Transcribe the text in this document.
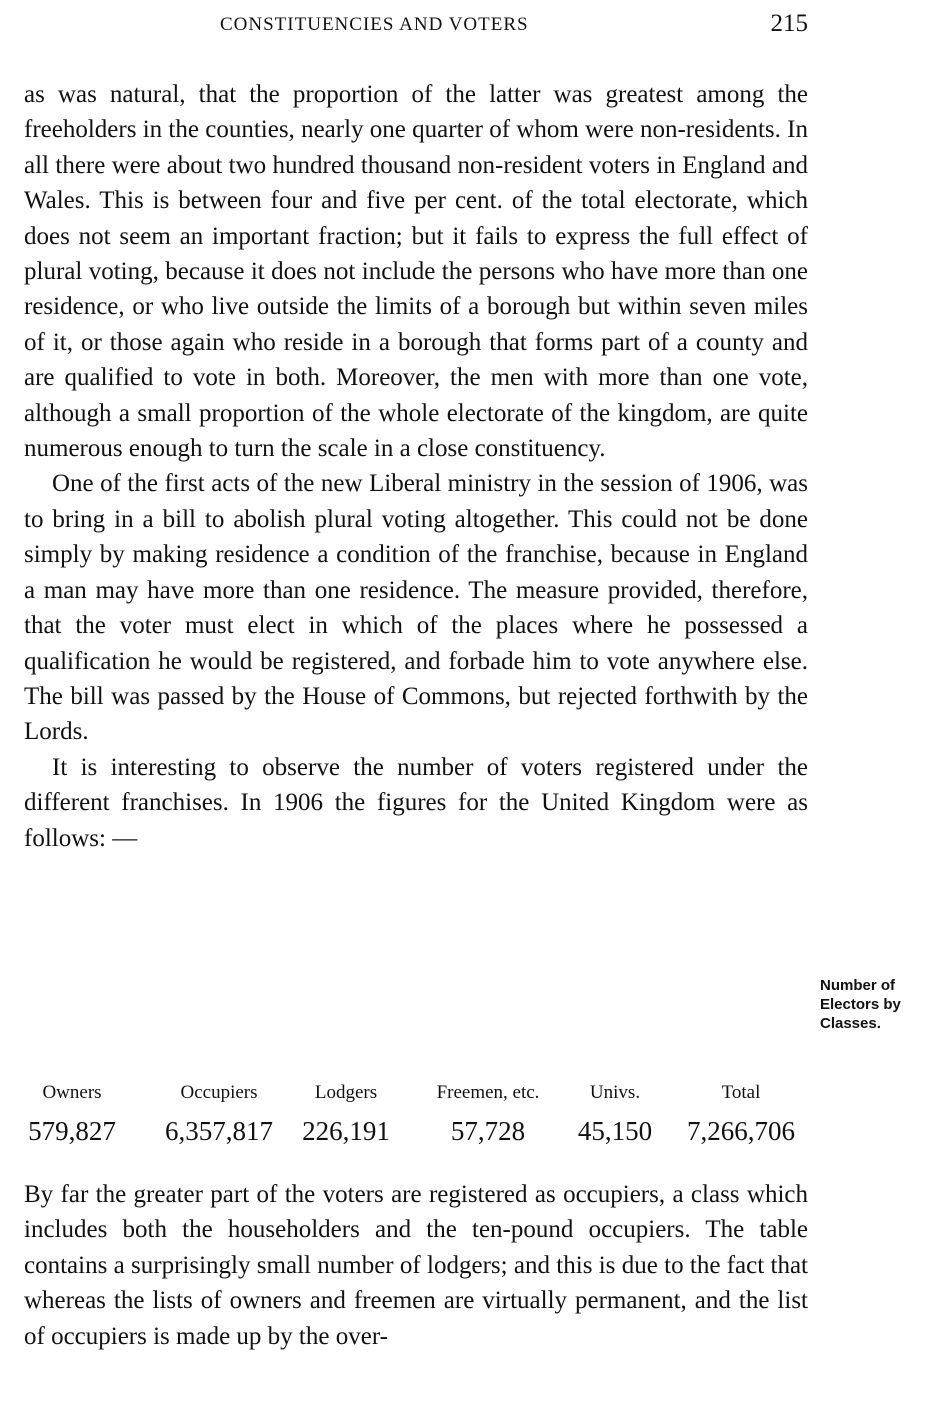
CONSTITUENCIES AND VOTERS	215

as was natural, that the proportion of the latter was greatest among the freeholders in the counties, nearly one quarter of whom were non-residents. In all there were about two hundred thousand non-resident voters in England and Wales. This is between four and five per cent. of the total electorate, which does not seem an important fraction; but it fails to express the full effect of plural voting, because it does not include the persons who have more than one residence, or who live outside the limits of a borough but within seven miles of it, or those again who reside in a borough that forms part of a county and are qualified to vote in both. Moreover, the men with more than one vote, although a small proportion of the whole electorate of the kingdom, are quite numerous enough to turn the scale in a close constituency.

One of the first acts of the new Liberal ministry in the session of 1906, was to bring in a bill to abolish plural voting altogether. This could not be done simply by making residence a condition of the franchise, because in England a man may have more than one residence. The measure provided, therefore, that the voter must elect in which of the places where he possessed a qualification he would be registered, and forbade him to vote anywhere else. The bill was passed by the House of Commons, but rejected forthwith by the Lords.

It is interesting to observe the number of voters registered under the different franchises. In 1906 the figures for the United Kingdom were as follows: —

Number of Electors by Classes.
Owners	Occupiers	Lodgers	Freemen, etc.	Univs.	Total
579,827	6,357,817	226,191	57,728	45,150	7,266,706

By far the greater part of the voters are registered as occupiers, a class which includes both the householders and the ten-pound occupiers. The table contains a surprisingly small number of lodgers; and this is due to the fact that whereas the lists of owners and freemen are virtually permanent, and the list of occupiers is made up by the over-
